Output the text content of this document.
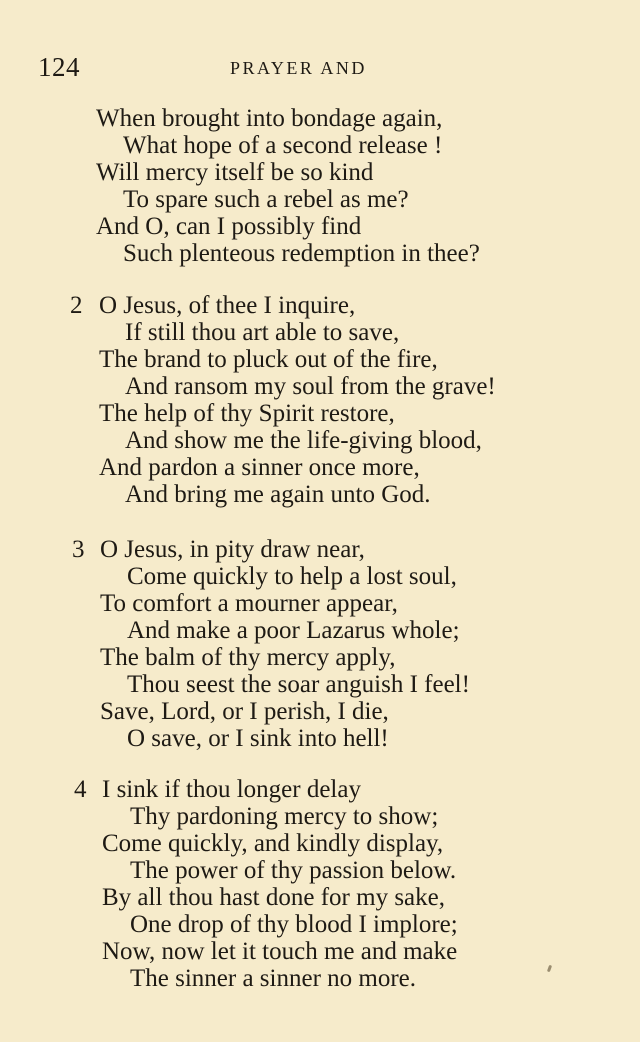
124	PRAYER AND
When brought into bondage again,
What hope of a second release !
Will mercy itself be so kind
To spare such a rebel as me?
And O, can I possibly find
Such plenteous redemption in thee?
2 O Jesus, of thee I inquire,
If still thou art able to save,
The brand to pluck out of the fire,
And ransom my soul from the grave!
The help of thy Spirit restore,
And show me the life-giving blood,
And pardon a sinner once more,
And bring me again unto God.
3 O Jesus, in pity draw near,
Come quickly to help a lost soul,
To comfort a mourner appear,
And make a poor Lazarus whole;
The balm of thy mercy apply,
Thou seest the soar anguish I feel!
Save, Lord, or I perish, I die,
O save, or I sink into hell!
4 I sink if thou longer delay
Thy pardoning mercy to show;
Come quickly, and kindly display,
The power of thy passion below.
By all thou hast done for my sake,
One drop of thy blood I implore;
Now, now let it touch me and make
The sinner a sinner no more.
